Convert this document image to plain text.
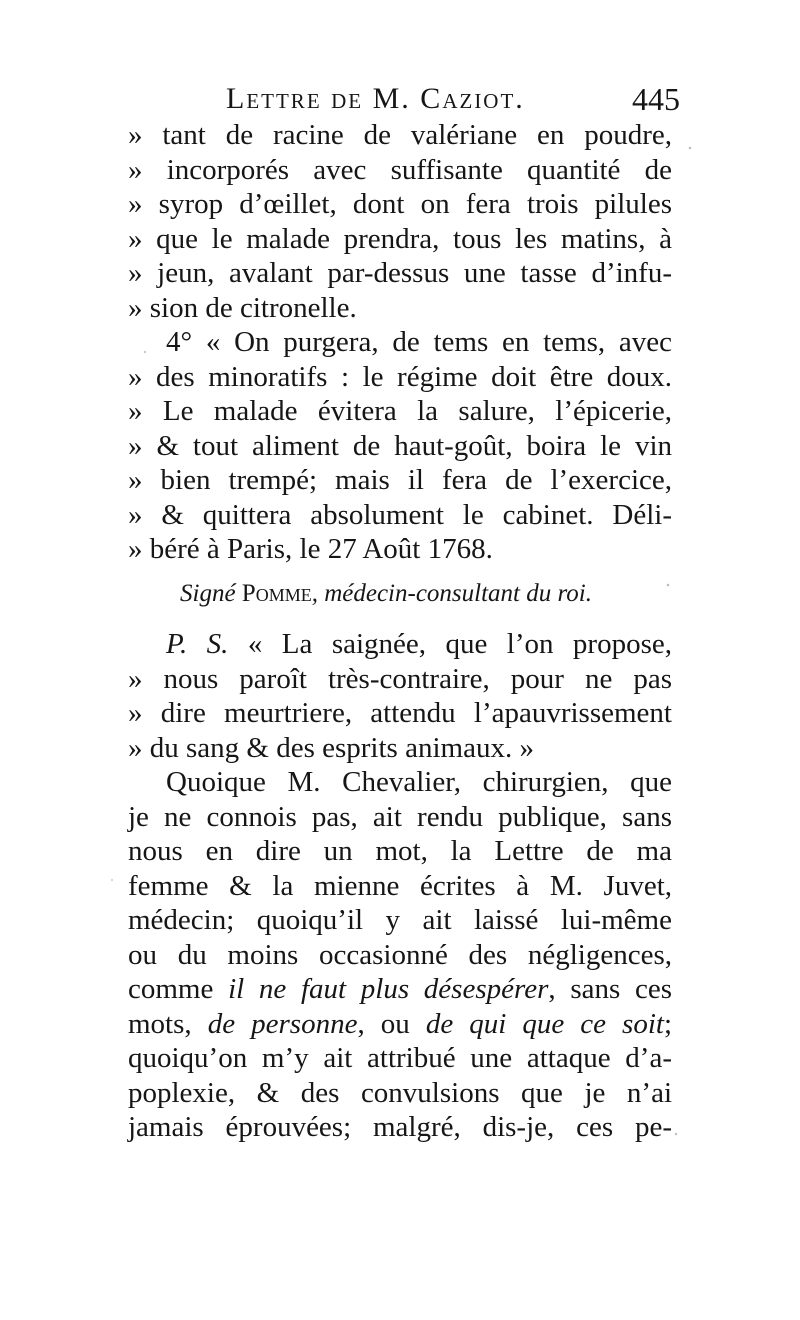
Lettre de M. Caziot.	445
» tant de racine de valériane en poudre,
» incorporés avec suffisante quantité de
» syrop d’œillet, dont on fera trois pilules
» que le malade prendra, tous les matins, à
» jeun, avalant par-dessus une tasse d’infu-
» sion de citronelle.
4° « On purgera, de tems en tems, avec
» des minoratifs : le régime doit être doux.
» Le malade évitera la salure, l’épicerie,
» & tout aliment de haut-goût, boira le vin
» bien trempé; mais il fera de l’exercice,
» & quittera absolument le cabinet. Déli-
» béré à Paris, le 27 Août 1768.
Signé Pomme, médecin-consultant du roi.
P. S. « La saignée, que l’on propose,
» nous paroît très-contraire, pour ne pas
» dire meurtriere, attendu l’apauvrissement
» du sang & des esprits animaux. »
Quoique M. Chevalier, chirurgien, que
je ne connois pas, ait rendu publique, sans
nous en dire un mot, la Lettre de ma
femme & la mienne écrites à M. Juvet,
médecin; quoiqu’il y ait laissé lui-même
ou du moins occasionné des négligences,
comme il ne faut plus désespérer, sans ces
mots, de personne, ou de qui que ce soit;
quoiqu’on m’y ait attribué une attaque d’a-
poplexie, & des convulsions que je n’ai
jamais éprouvées; malgré, dis-je, ces pe-
